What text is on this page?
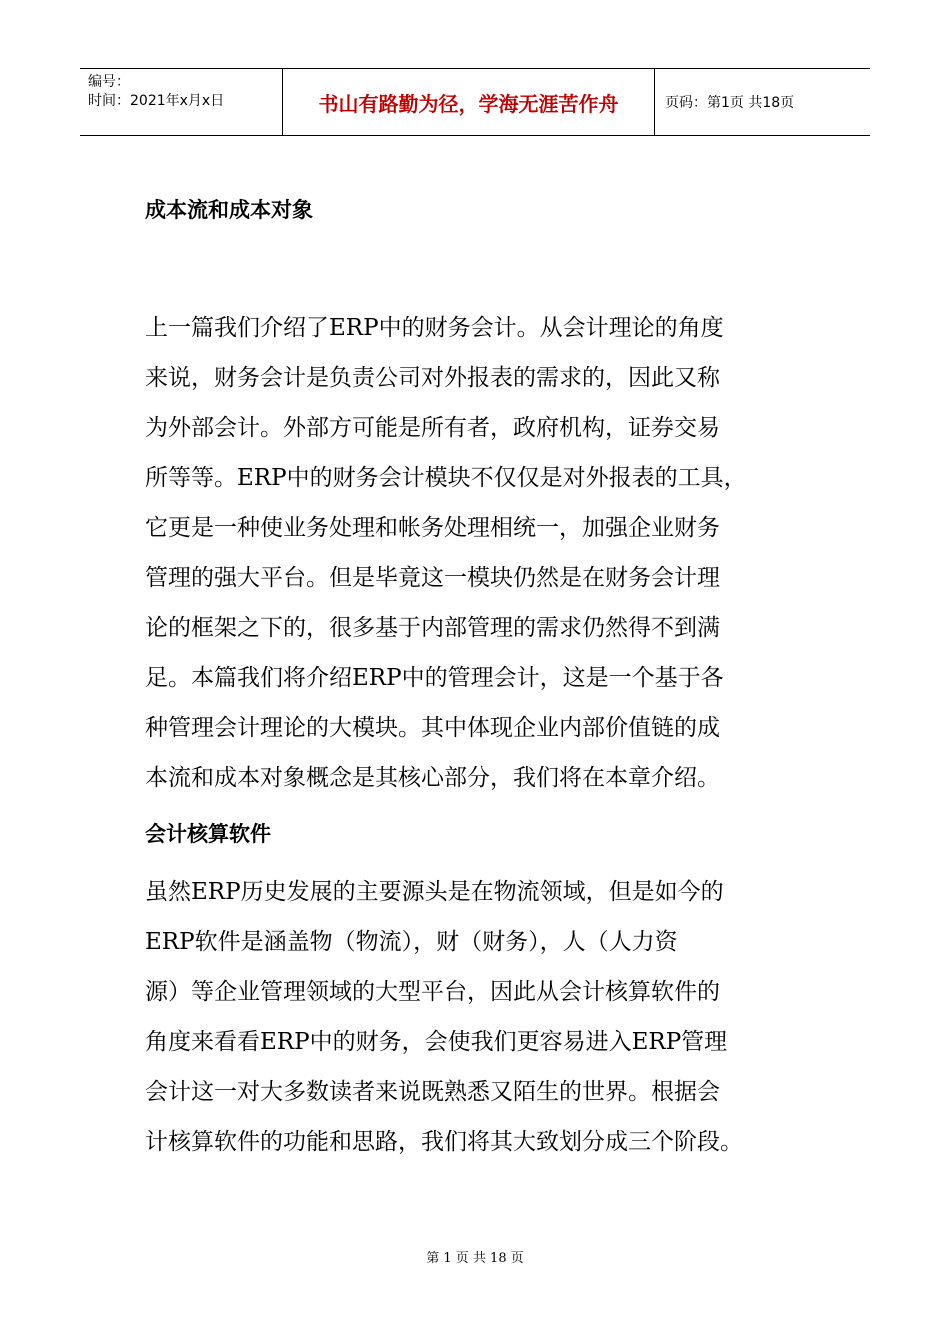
编号：
时间：2021年x月x日	书山有路勤为径，学海无涯苦作舟	页码：第1页 共18页
成本流和成本对象
上一篇我们介绍了ERP中的财务会计。从会计理论的角度
来说，财务会计是负责公司对外报表的需求的，因此又称
为外部会计。外部方可能是所有者，政府机构，证券交易
所等等。ERP中的财务会计模块不仅仅是对外报表的工具，
它更是一种使业务处理和帐务处理相统一，加强企业财务
管理的强大平台。但是毕竟这一模块仍然是在财务会计理
论的框架之下的，很多基于内部管理的需求仍然得不到满
足。本篇我们将介绍ERP中的管理会计，这是一个基于各
种管理会计理论的大模块。其中体现企业内部价值链的成
本流和成本对象概念是其核心部分，我们将在本章介绍。
会计核算软件
虽然ERP历史发展的主要源头是在物流领域，但是如今的
ERP软件是涵盖物（物流），财（财务），人（人力资
源）等企业管理领域的大型平台，因此从会计核算软件的
角度来看看ERP中的财务，会使我们更容易进入ERP管理
会计这一对大多数读者来说既熟悉又陌生的世界。根据会
计核算软件的功能和思路，我们将其大致划分成三个阶段。
第 1 页 共 18 页
